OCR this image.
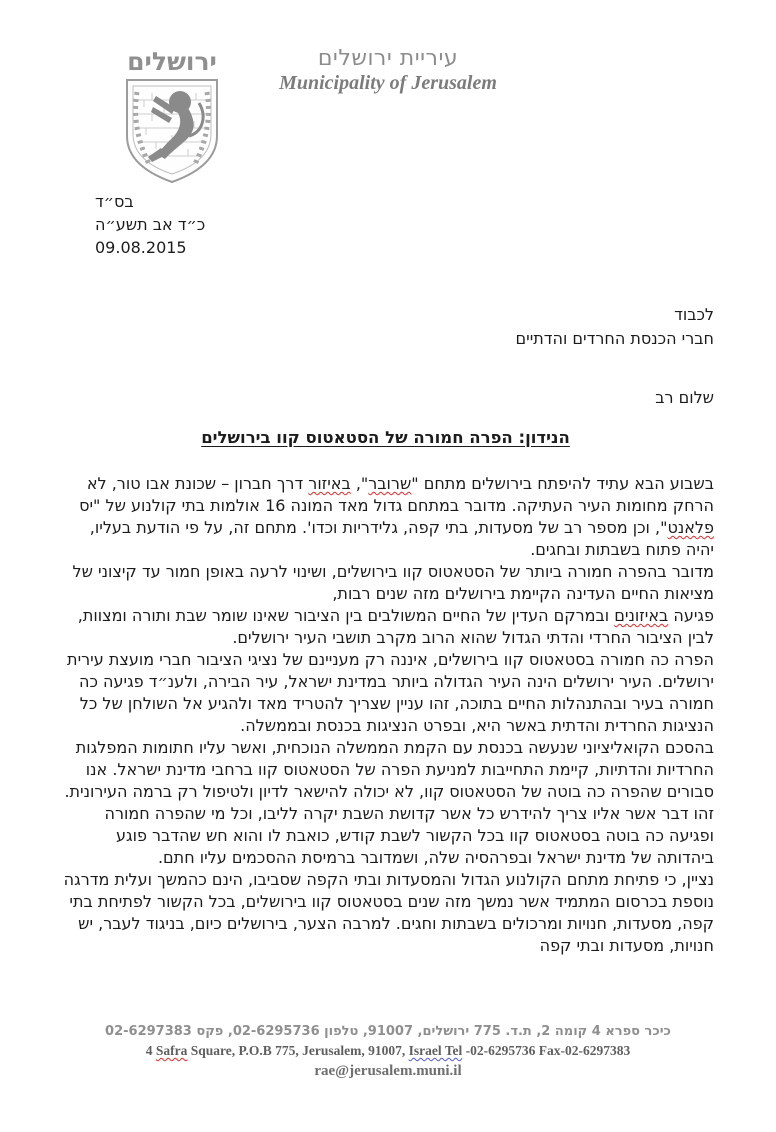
ירושלים	עיריית ירושלים
Municipality of Jerusalem
בס״ד
כ״ד אב תשע״ה
09.08.2015
לכבוד
חברי הכנסת החרדים והדתיים
שלום רב
הנידון: הפרה חמורה של הסטאטוס קוו בירושלים
בשבוע הבא עתיד להיפתח בירושלים מתחם "שרובר", באיזור דרך חברון – שכונת אבו טור, לא הרחק מחומות העיר העתיקה. מדובר במתחם גדול מאד המונה 16 אולמות בתי קולנוע של "יס פלאנט", וכן מספר רב של מסעדות, בתי קפה, גלידריות וכדו'. מתחם זה, על פי הודעת בעליו, יהיה פתוח בשבתות ובחגים.
מדובר בהפרה חמורה ביותר של הסטאטוס קוו בירושלים, ושינוי לרעה באופן חמור עד קיצוני של מציאות החיים העדינה הקיימת בירושלים מזה שנים רבות,
פגיעה באיזונים ובמרקם העדין של החיים המשולבים בין הציבור שאינו שומר שבת ותורה ומצוות, לבין הציבור החרדי והדתי הגדול שהוא הרוב מקרב תושבי העיר ירושלים.
הפרה כה חמורה בסטאטוס קוו בירושלים, איננה רק מעניינם של נציגי הציבור חברי מועצת עירית ירושלים. העיר ירושלים הינה העיר הגדולה ביותר במדינת ישראל, עיר הבירה, ולענ״ד פגיעה כה חמורה בעיר ובהתנהלות החיים בתוכה, זהו עניין שצריך להטריד מאד ולהגיע אל השולחן של כל הנציגות החרדית והדתית באשר היא, ובפרט הנציגות בכנסת ובממשלה.
בהסכם הקואליציוני שנעשה בכנסת עם הקמת הממשלה הנוכחית, ואשר עליו חתומות המפלגות החרדיות והדתיות, קיימת התחייבות למניעת הפרה של הסטאטוס קוו ברחבי מדינת ישראל. אנו סבורים שהפרה כה בוטה של הסטאטוס קוו, לא יכולה להישאר לדיון ולטיפול רק ברמה העירונית.
זהו דבר אשר אליו צריך להידרש כל אשר קדושת השבת יקרה לליבו, וכל מי שהפרה חמורה ופגיעה כה בוטה בסטאטוס קוו בכל הקשור לשבת קודש, כואבת לו והוא חש שהדבר פוגע ביהדותה של מדינת ישראל ובפרהסיה שלה, ושמדובר ברמיסת ההסכמים עליו חתם.
נציין, כי פתיחת מתחם הקולנוע הגדול והמסעדות ובתי הקפה שסביבו, הינם כהמשך ועלית מדרגה נוספת בכרסום המתמיד אשר נמשך מזה שנים בסטאטוס קוו בירושלים, בכל הקשור לפתיחת בתי קפה, מסעדות, חנויות ומרכולים בשבתות וחגים. למרבה הצער, בירושלים כיום, בניגוד לעבר, יש חנויות, מסעדות ובתי קפה
כיכר ספרא 4 קומה 2, ת.ד. 775 ירושלים, 91007, טלפון 02-6295736, פקס 02-6297383
4 Safra Square, P.O.B 775, Jerusalem, 91007, Israel Tel -02-6295736 Fax-02-6297383
rae@jerusalem.muni.il
